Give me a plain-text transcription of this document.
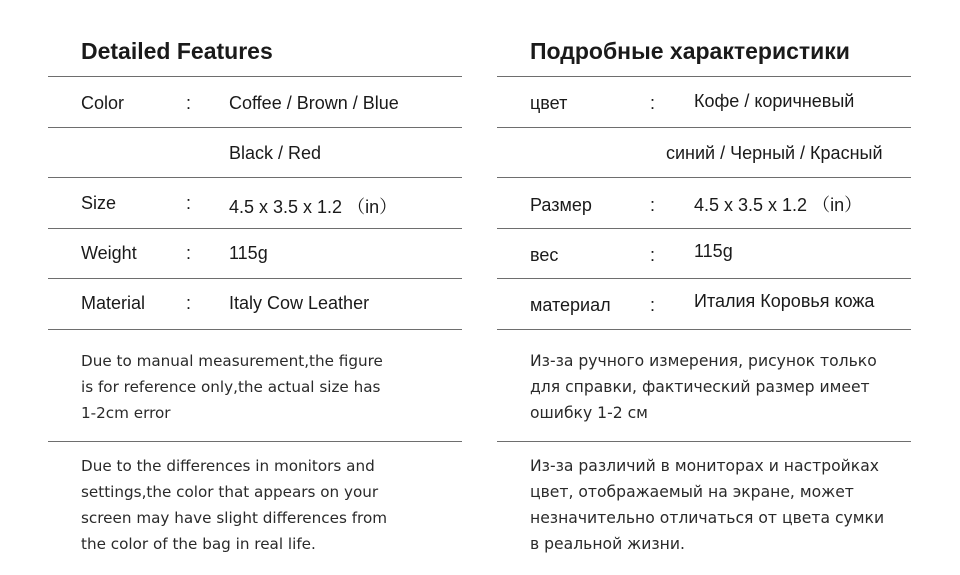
Detailed Features
Color	: Coffee / Brown / Blue
Black / Red
Size	: 4.5 x 3.5 x 1.2 （in）
Weight	: 115g
Material : Italy Cow Leather
Due to manual measurement,the figure
is for reference only,the actual size has
1-2cm error
Due to the differences in monitors and
settings,the color that appears on your
screen may have slight differences from
the color of the bag in real life.
Подробные характеристики
цвет	: Кофе / коричневый
синий / Черный / Красный
Размер	: 4.5 x 3.5 x 1.2 （in）
вес	: 115g
материал : Италия Коровья кожа
Из-за ручного измерения, рисунок только
для справки, фактический размер имеет
ошибку 1-2 см
Из-за различий в мониторах и настройках
цвет, отображаемый на экране, может
незначительно отличаться от цвета сумки
в реальной жизни.
